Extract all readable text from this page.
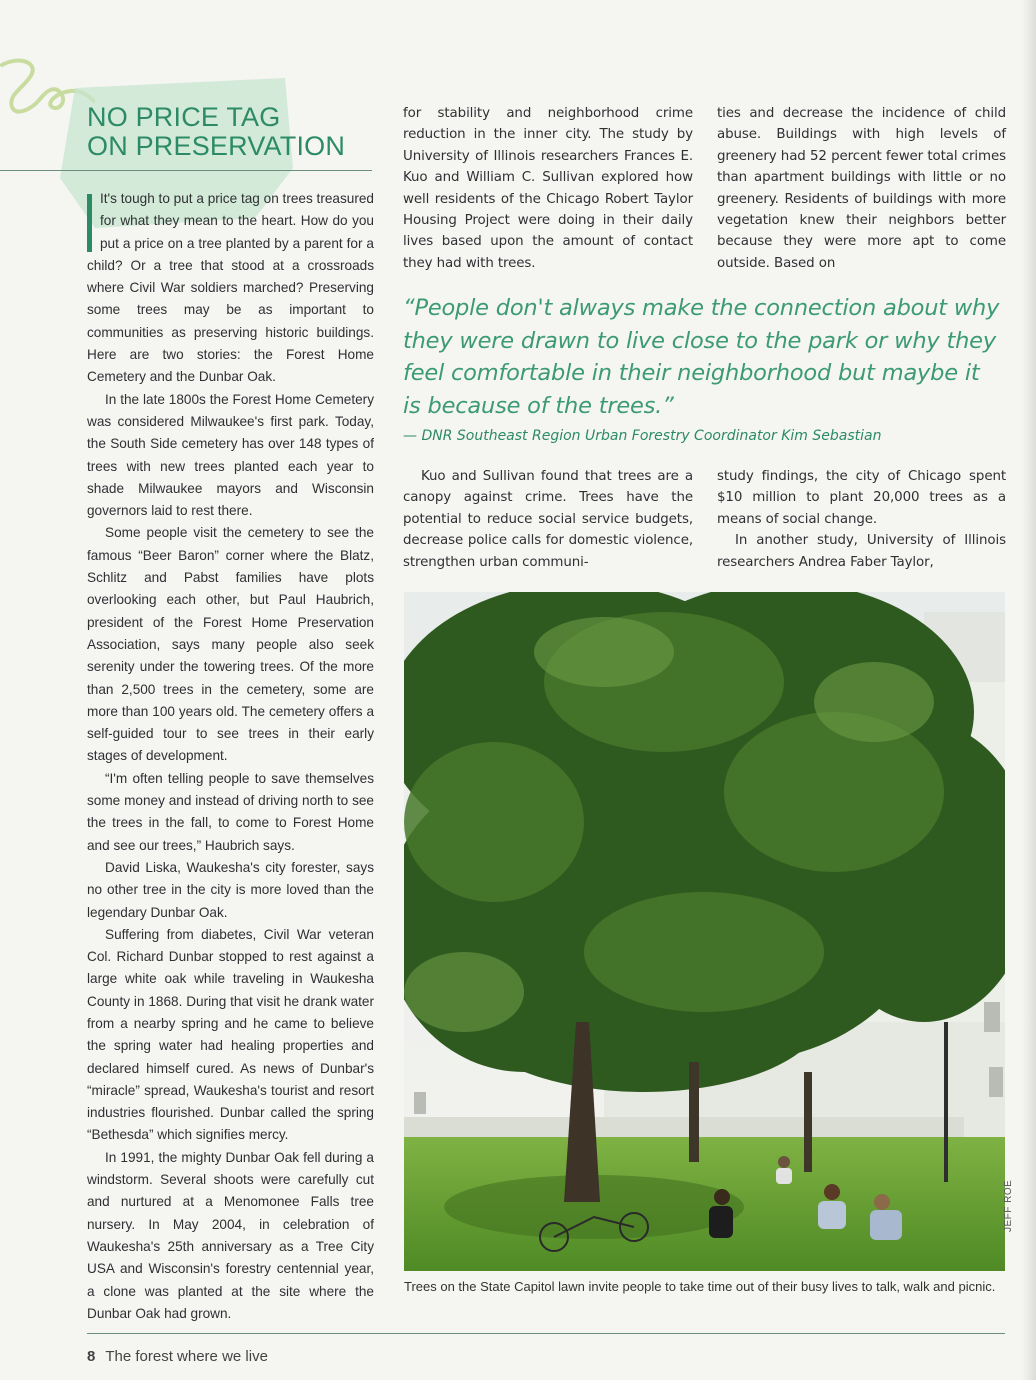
NO PRICE TAG
ON PRESERVATION

It's tough to put a price tag on trees treasured for what they mean to the heart. How do you put a price on a tree planted by a parent for a child? Or a tree that stood at a crossroads where Civil War soldiers marched? Preserving some trees may be as important to communities as preserving historic buildings. Here are two stories: the Forest Home Cemetery and the Dunbar Oak.

In the late 1800s the Forest Home Cemetery was considered Milwaukee's first park. Today, the South Side cemetery has over 148 types of trees with new trees planted each year to shade Milwaukee mayors and Wisconsin governors laid to rest there.

Some people visit the cemetery to see the famous “Beer Baron” corner where the Blatz, Schlitz and Pabst families have plots overlooking each other, but Paul Haubrich, president of the Forest Home Preservation Association, says many people also seek serenity under the towering trees. Of the more than 2,500 trees in the cemetery, some are more than 100 years old. The cemetery offers a self-guided tour to see trees in their early stages of development.

“I'm often telling people to save themselves some money and instead of driving north to see the trees in the fall, to come to Forest Home and see our trees,” Haubrich says.

David Liska, Waukesha's city forester, says no other tree in the city is more loved than the legendary Dunbar Oak.

Suffering from diabetes, Civil War veteran Col. Richard Dunbar stopped to rest against a large white oak while traveling in Waukesha County in 1868. During that visit he drank water from a nearby spring and he came to believe the spring water had healing properties and declared himself cured. As news of Dunbar's “miracle” spread, Waukesha's tourist and resort industries flourished. Dunbar called the spring “Bethesda” which signifies mercy.

In 1991, the mighty Dunbar Oak fell during a windstorm. Several shoots were carefully cut and nurtured at a Menomonee Falls tree nursery. In May 2004, in celebration of Waukesha's 25th anniversary as a Tree City USA and Wisconsin's forestry centennial year, a clone was planted at the site where the Dunbar Oak had grown.

for stability and neighborhood crime reduction in the inner city. The study by University of Illinois researchers Frances E. Kuo and William C. Sullivan explored how well residents of the Chicago Robert Taylor Housing Project were doing in their daily lives based upon the amount of contact they had with trees.

ties and decrease the incidence of child abuse. Buildings with high levels of greenery had 52 percent fewer total crimes than apartment buildings with little or no greenery. Residents of buildings with more vegetation knew their neighbors better because they were more apt to come outside. Based on

“People don't always make the connection about why they were drawn to live close to the park or why they feel comfortable in their neighborhood but maybe it is because of the trees.”

— DNR Southeast Region Urban Forestry Coordinator Kim Sebastian

Kuo and Sullivan found that trees are a canopy against crime. Trees have the potential to reduce social service budgets, decrease police calls for domestic violence, strengthen urban communi-

study findings, the city of Chicago spent $10 million to plant 20,000 trees as a means of social change.

In another study, University of Illinois researchers Andrea Faber Taylor,

JEFF ROE
Trees on the State Capitol lawn invite people to take time out of their busy lives to talk, walk and picnic.
8 The forest where we live
